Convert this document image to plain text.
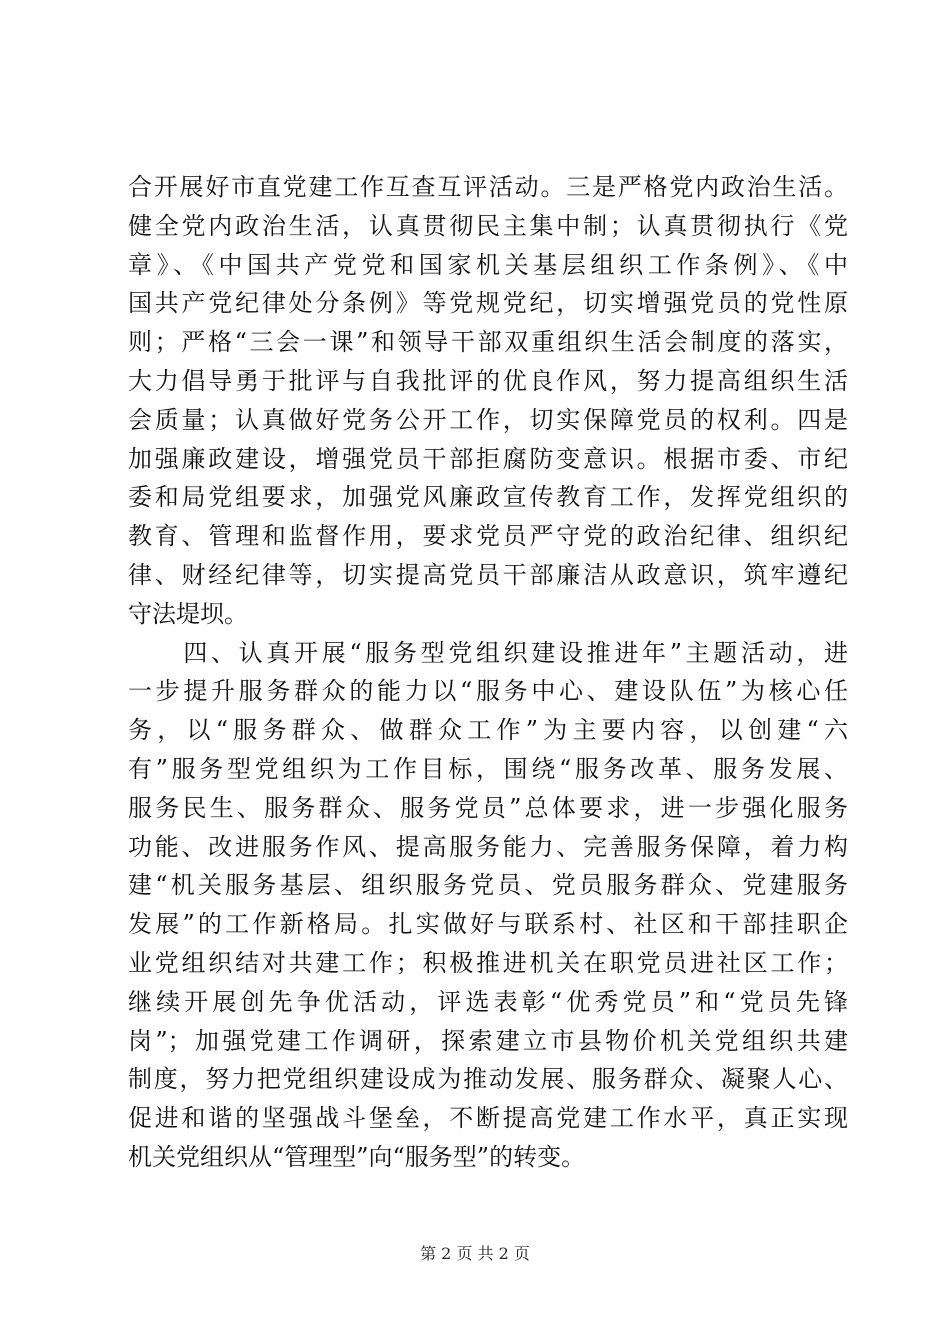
合开展好市直党建工作互查互评活动。三是严格党内政治生活。
健全党内政治生活，认真贯彻民主集中制；认真贯彻执行《党
章》、《中国共产党党和国家机关基层组织工作条例》、《中
国共产党纪律处分条例》等党规党纪，切实增强党员的党性原
则；严格“三会一课”和领导干部双重组织生活会制度的落实，
大力倡导勇于批评与自我批评的优良作风，努力提高组织生活
会质量；认真做好党务公开工作，切实保障党员的权利。四是
加强廉政建设，增强党员干部拒腐防变意识。根据市委、市纪
委和局党组要求，加强党风廉政宣传教育工作，发挥党组织的
教育、管理和监督作用，要求党员严守党的政治纪律、组织纪
律、财经纪律等，切实提高党员干部廉洁从政意识，筑牢遵纪
守法堤坝。
　　四、认真开展“服务型党组织建设推进年”主题活动，进
一步提升服务群众的能力以“服务中心、建设队伍”为核心任
务，以“服务群众、做群众工作”为主要内容，以创建“六
有”服务型党组织为工作目标，围绕“服务改革、服务发展、
服务民生、服务群众、服务党员”总体要求，进一步强化服务
功能、改进服务作风、提高服务能力、完善服务保障，着力构
建“机关服务基层、组织服务党员、党员服务群众、党建服务
发展”的工作新格局。扎实做好与联系村、社区和干部挂职企
业党组织结对共建工作；积极推进机关在职党员进社区工作；
继续开展创先争优活动，评选表彰“优秀党员”和“党员先锋
岗”；加强党建工作调研，探索建立市县物价机关党组织共建
制度，努力把党组织建设成为推动发展、服务群众、凝聚人心、
促进和谐的坚强战斗堡垒，不断提高党建工作水平，真正实现
机关党组织从“管理型”向“服务型”的转变。
第 2 页 共 2 页
